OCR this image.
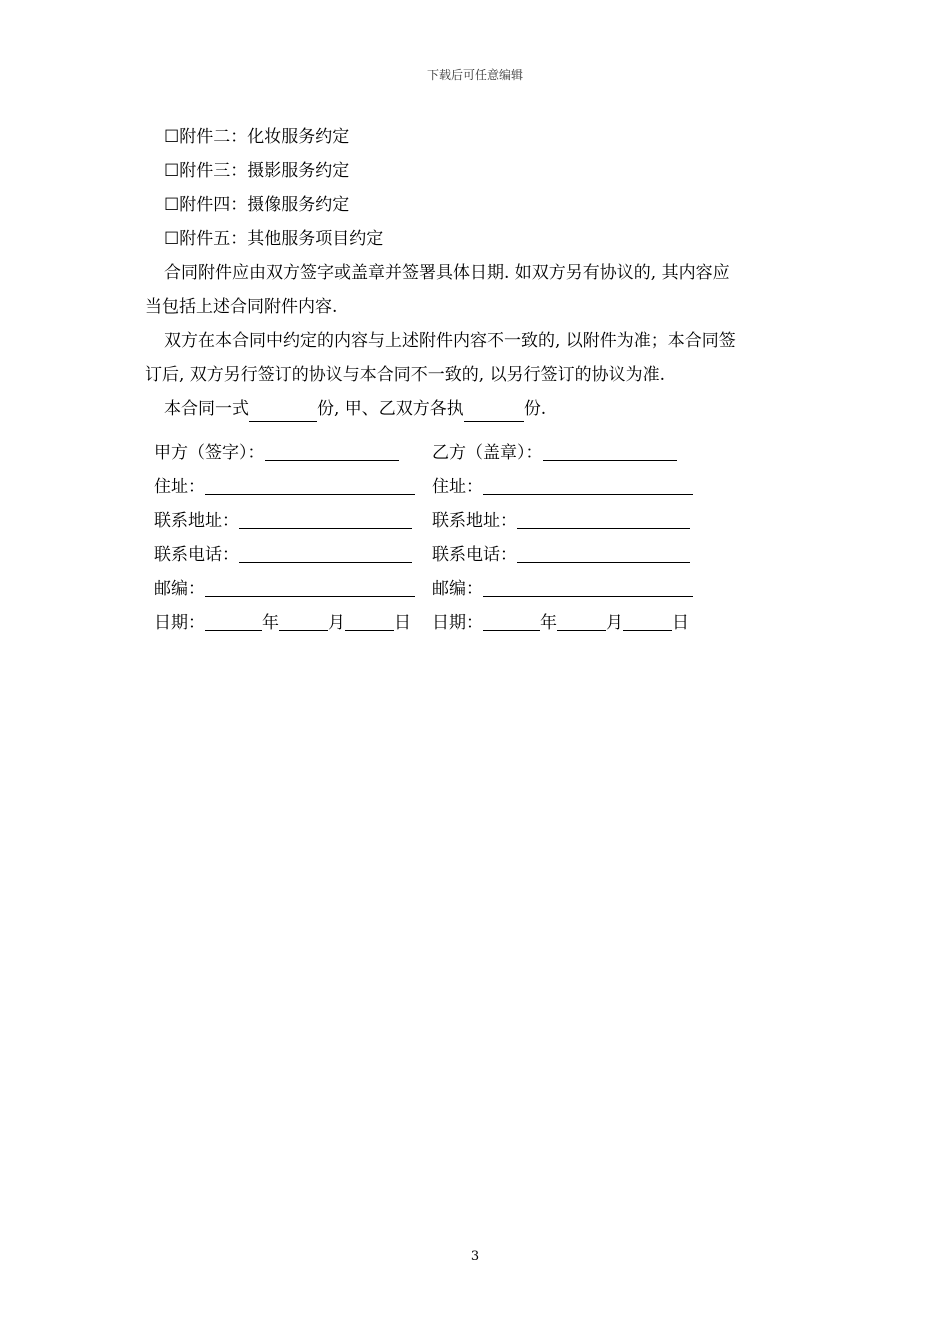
下载后可任意编辑
☐附件二：化妆服务约定
☐附件三：摄影服务约定
☐附件四：摄像服务约定
☐附件五：其他服务项目约定
合同附件应由双方签字或盖章并签署具体日期. 如双方另有协议的, 其内容应
当包括上述合同附件内容.
双方在本合同中约定的内容与上述附件内容不一致的, 以附件为准；本合同签
订后, 双方另行签订的协议与本合同不一致的, 以另行签订的协议为准.
本合同一式	份, 甲、乙双方各执	份.
甲方（签字）：	乙方（盖章）：
住址：	住址：
联系地址：	联系地址：
联系电话：	联系电话：
邮编：	邮编：
日期：	年	月	日 日期：	年	月	日
3
